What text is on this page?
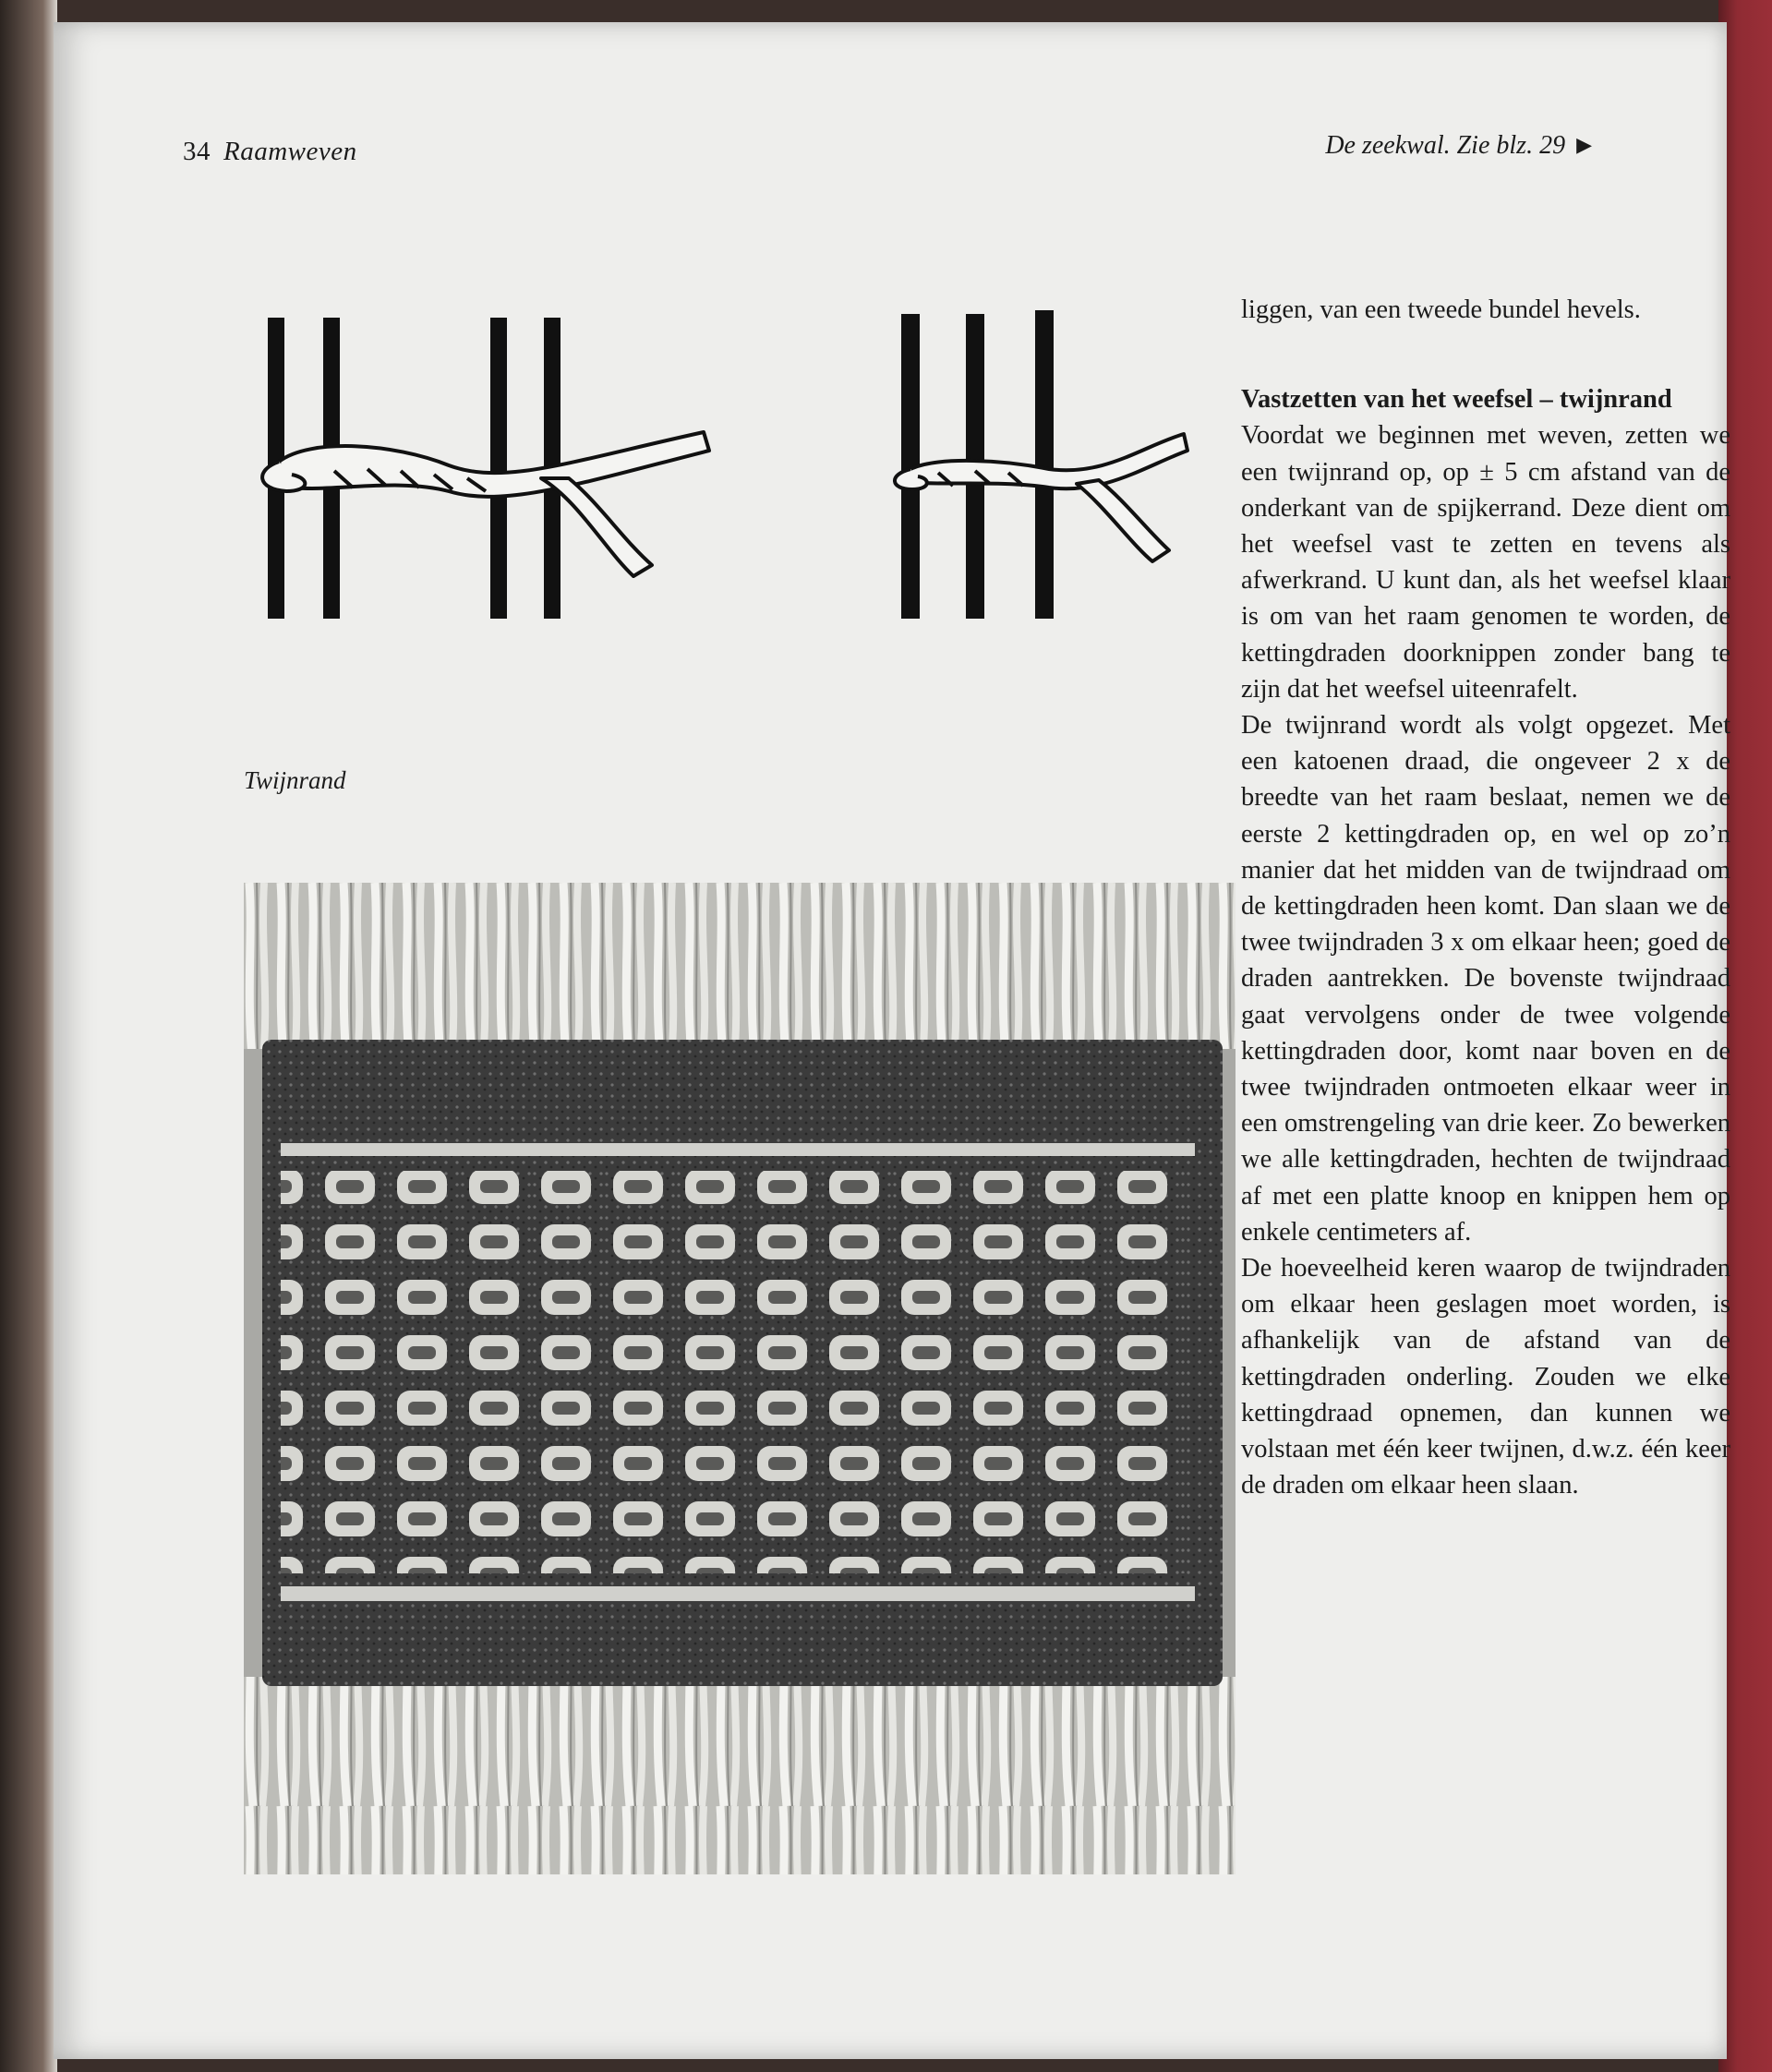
34 Raamweven	De zeekwal. Zie blz. 29 ▶
Twijnrand

liggen, van een tweede bundel hevels.

Vastzetten van het weefsel – twijnrand

Voordat we beginnen met weven, zetten we een twijnrand op, op ± 5 cm afstand van de onderkant van de spijkerrand. Deze dient om het weefsel vast te zetten en tevens als afwerkrand. U kunt dan, als het weefsel klaar is om van het raam genomen te worden, de kettingdraden doorknippen zonder bang te zijn dat het weefsel uiteenrafelt.

De twijnrand wordt als volgt opgezet. Met een katoenen draad, die ongeveer 2 x de breedte van het raam beslaat, nemen we de eerste 2 kettingdraden op, en wel op zo’n manier dat het midden van de twijndraad om de kettingdraden heen komt. Dan slaan we de twee twijndraden 3 x om elkaar heen; goed de draden aantrekken. De bovenste twijndraad gaat vervolgens onder de twee volgende kettingdraden door, komt naar boven en de twee twijndraden ontmoeten elkaar weer in een omstrengeling van drie keer. Zo bewerken we alle kettingdraden, hechten de twijndraad af met een platte knoop en knippen hem op enkele centimeters af.

De hoeveelheid keren waarop de twijndraden om elkaar heen geslagen moet worden, is afhankelijk van de afstand van de kettingdraden onderling. Zouden we elke kettingdraad opnemen, dan kunnen we volstaan met één keer twijnen, d.w.z. één keer de draden om elkaar heen slaan.
